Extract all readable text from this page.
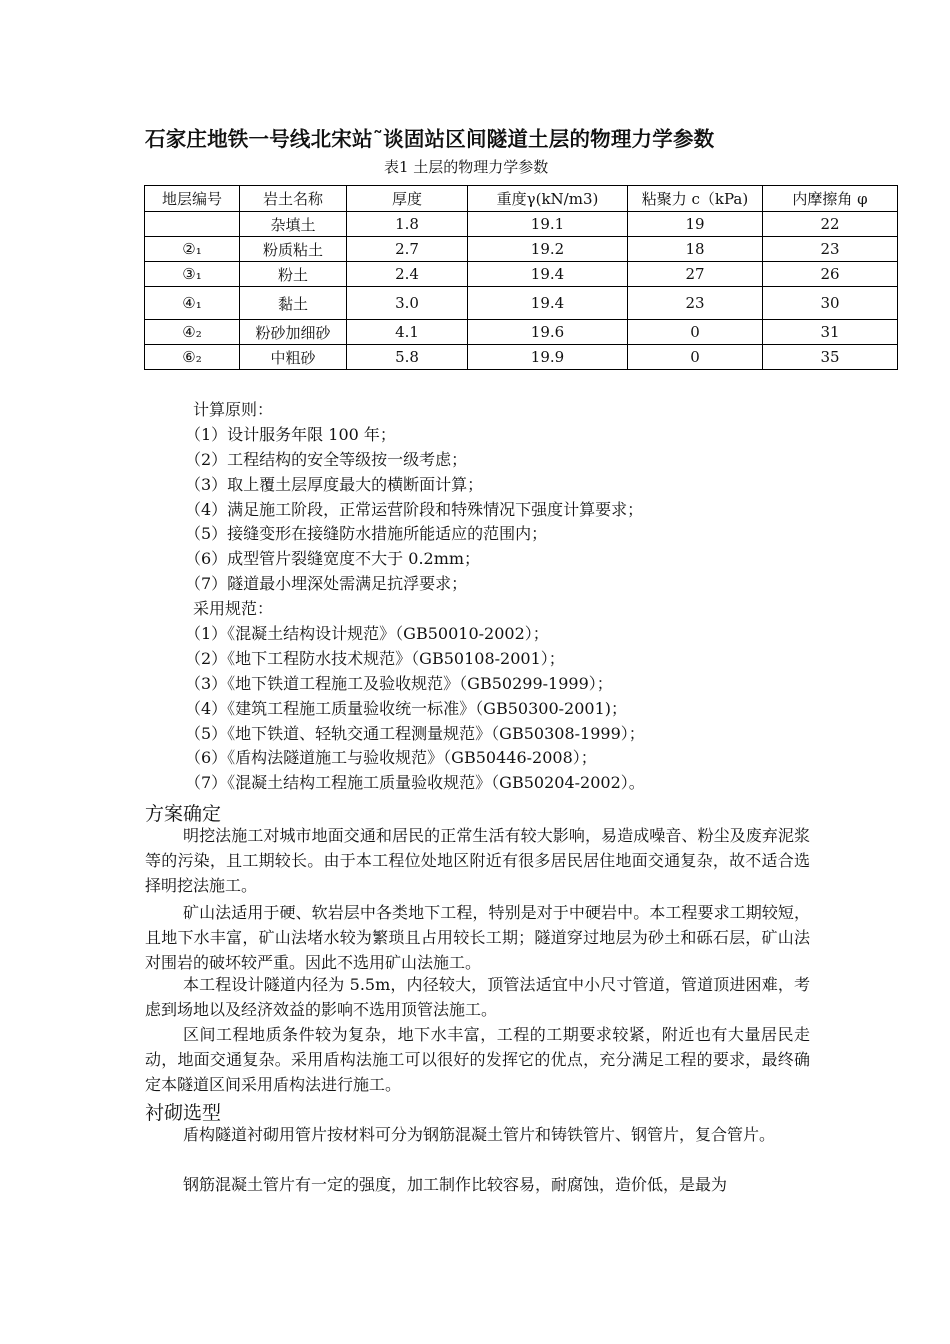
石家庄地铁一号线北宋站˜谈固站区间隧道土层的物理力学参数
表1 土层的物理力学参数
地层编号	岩土名称	厚度	重度γ(kN/m3)	粘聚力 c（kPa)	内摩擦角 φ
	杂填土	1.8	19.1	19	22
②₁	粉质粘土	2.7	19.2	18	23
③₁	粉土	2.4	19.4	27	26
④₁	黏土	3.0	19.4	23	30
④₂	粉砂加细砂	4.1	19.6	0	31
⑥₂	中粗砂	5.8	19.9	0	35
计算原则：
（1）设计服务年限 100 年；
（2）工程结构的安全等级按一级考虑；
（3）取上覆土层厚度最大的横断面计算；
（4）满足施工阶段，正常运营阶段和特殊情况下强度计算要求；
（5）接缝变形在接缝防水措施所能适应的范围内；
（6）成型管片裂缝宽度不大于 0.2mm；
（7）隧道最小埋深处需满足抗浮要求；
采用规范：
（1）《混凝土结构设计规范》（GB50010-2002）；
（2）《地下工程防水技术规范》（GB50108-2001）；
（3）《地下铁道工程施工及验收规范》（GB50299-1999）；
（4）《建筑工程施工质量验收统一标准》（GB50300-2001)；
（5）《地下铁道、轻轨交通工程测量规范》（GB50308-1999）；
（6）《盾构法隧道施工与验收规范》（GB50446-2008）；
（7）《混凝土结构工程施工质量验收规范》（GB50204-2002）。
方案确定
明挖法施工对城市地面交通和居民的正常生活有较大影响，易造成噪音、粉尘及废弃泥浆等的污染，且工期较长。由于本工程位处地区附近有很多居民居住地面交通复杂，故不适合选择明挖法施工。
矿山法适用于硬、软岩层中各类地下工程，特别是对于中硬岩中。本工程要求工期较短，且地下水丰富，矿山法堵水较为繁琐且占用较长工期；隧道穿过地层为砂土和砾石层，矿山法对围岩的破坏较严重。因此不选用矿山法施工。
本工程设计隧道内径为 5.5m，内径较大，顶管法适宜中小尺寸管道，管道顶进困难，考虑到场地以及经济效益的影响不选用顶管法施工。
区间工程地质条件较为复杂，地下水丰富，工程的工期要求较紧，附近也有大量居民走动，地面交通复杂。采用盾构法施工可以很好的发挥它的优点，充分满足工程的要求，最终确定本隧道区间采用盾构法进行施工。
衬砌选型
盾构隧道衬砌用管片按材料可分为钢筋混凝土管片和铸铁管片、钢管片，复合管片。
钢筋混凝土管片有一定的强度，加工制作比较容易，耐腐蚀，造价低，是最为
